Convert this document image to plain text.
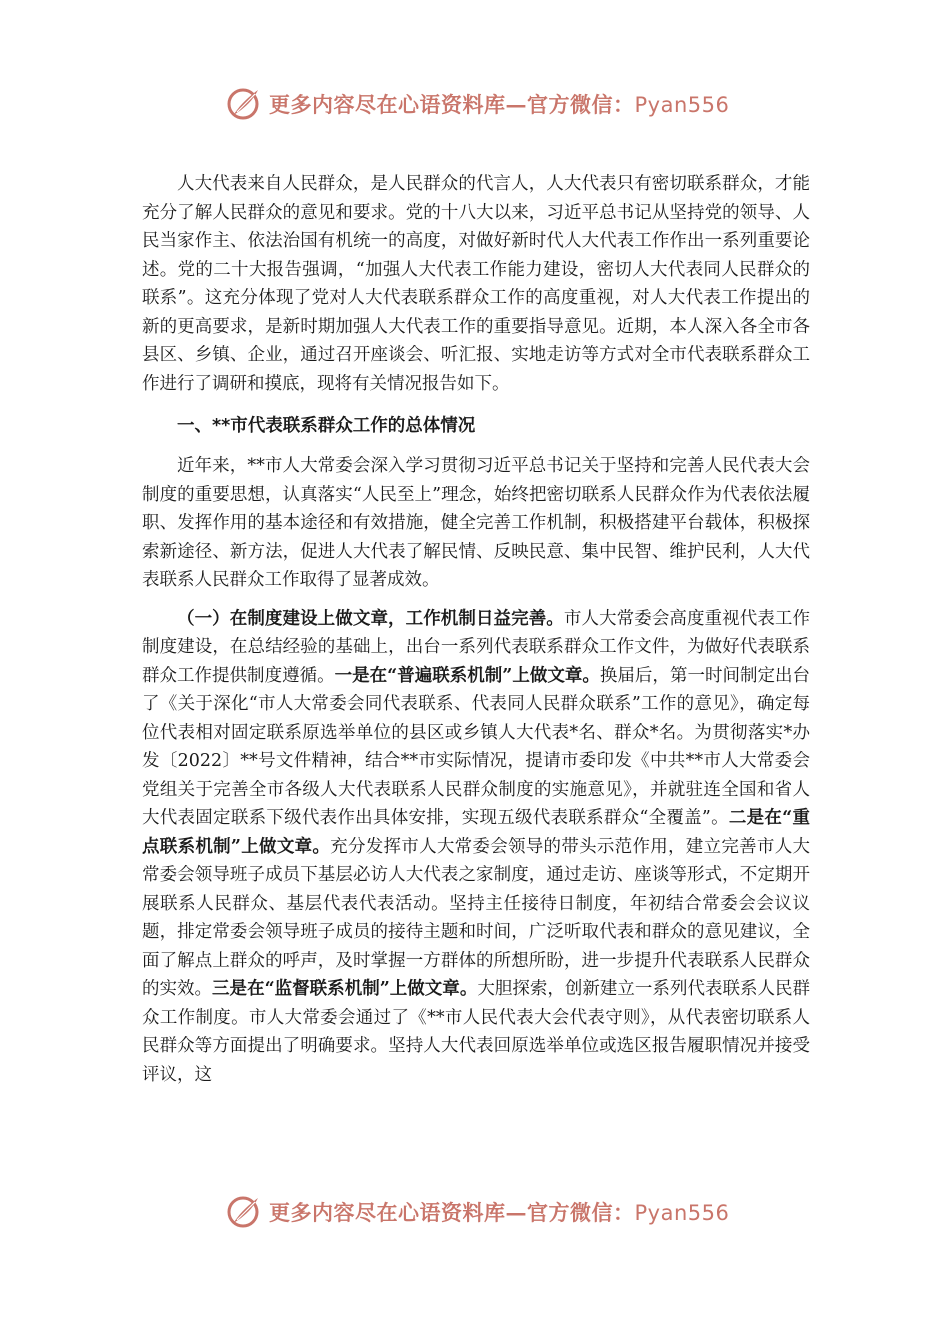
更多内容尽在心语资料库—官方微信：Pyan556

人大代表来自人民群众，是人民群众的代言人，人大代表只有密切联系群众，才能充分了解人民群众的意见和要求。党的十八大以来，习近平总书记从坚持党的领导、人民当家作主、依法治国有机统一的高度，对做好新时代人大代表工作作出一系列重要论述。党的二十大报告强调，“加强人大代表工作能力建设，密切人大代表同人民群众的联系”。这充分体现了党对人大代表联系群众工作的高度重视，对人大代表工作提出的新的更高要求，是新时期加强人大代表工作的重要指导意见。近期，本人深入各全市各县区、乡镇、企业，通过召开座谈会、听汇报、实地走访等方式对全市代表联系群众工作进行了调研和摸底，现将有关情况报告如下。

一、**市代表联系群众工作的总体情况

近年来，**市人大常委会深入学习贯彻习近平总书记关于坚持和完善人民代表大会制度的重要思想，认真落实“人民至上”理念，始终把密切联系人民群众作为代表依法履职、发挥作用的基本途径和有效措施，健全完善工作机制，积极搭建平台载体，积极探索新途径、新方法，促进人大代表了解民情、反映民意、集中民智、维护民利，人大代表联系人民群众工作取得了显著成效。

（一）在制度建设上做文章，工作机制日益完善。市人大常委会高度重视代表工作制度建设，在总结经验的基础上，出台一系列代表联系群众工作文件，为做好代表联系群众工作提供制度遵循。一是在“普遍联系机制”上做文章。换届后，第一时间制定出台了《关于深化“市人大常委会同代表联系、代表同人民群众联系”工作的意见》，确定每位代表相对固定联系原选举单位的县区或乡镇人大代表*名、群众*名。为贯彻落实*办发〔2022〕**号文件精神，结合**市实际情况，提请市委印发《中共**市人大常委会党组关于完善全市各级人大代表联系人民群众制度的实施意见》，并就驻连全国和省人大代表固定联系下级代表作出具体安排，实现五级代表联系群众“全覆盖”。二是在“重点联系机制”上做文章。充分发挥市人大常委会领导的带头示范作用，建立完善市人大常委会领导班子成员下基层必访人大代表之家制度，通过走访、座谈等形式，不定期开展联系人民群众、基层代表代表活动。坚持主任接待日制度，年初结合常委会会议议题，排定常委会领导班子成员的接待主题和时间，广泛听取代表和群众的意见建议，全面了解点上群众的呼声，及时掌握一方群体的所想所盼，进一步提升代表联系人民群众的实效。三是在“监督联系机制”上做文章。大胆探索，创新建立一系列代表联系人民群众工作制度。市人大常委会通过了《**市人民代表大会代表守则》，从代表密切联系人民群众等方面提出了明确要求。坚持人大代表回原选举单位或选区报告履职情况并接受评议，这

更多内容尽在心语资料库—官方微信：Pyan556
